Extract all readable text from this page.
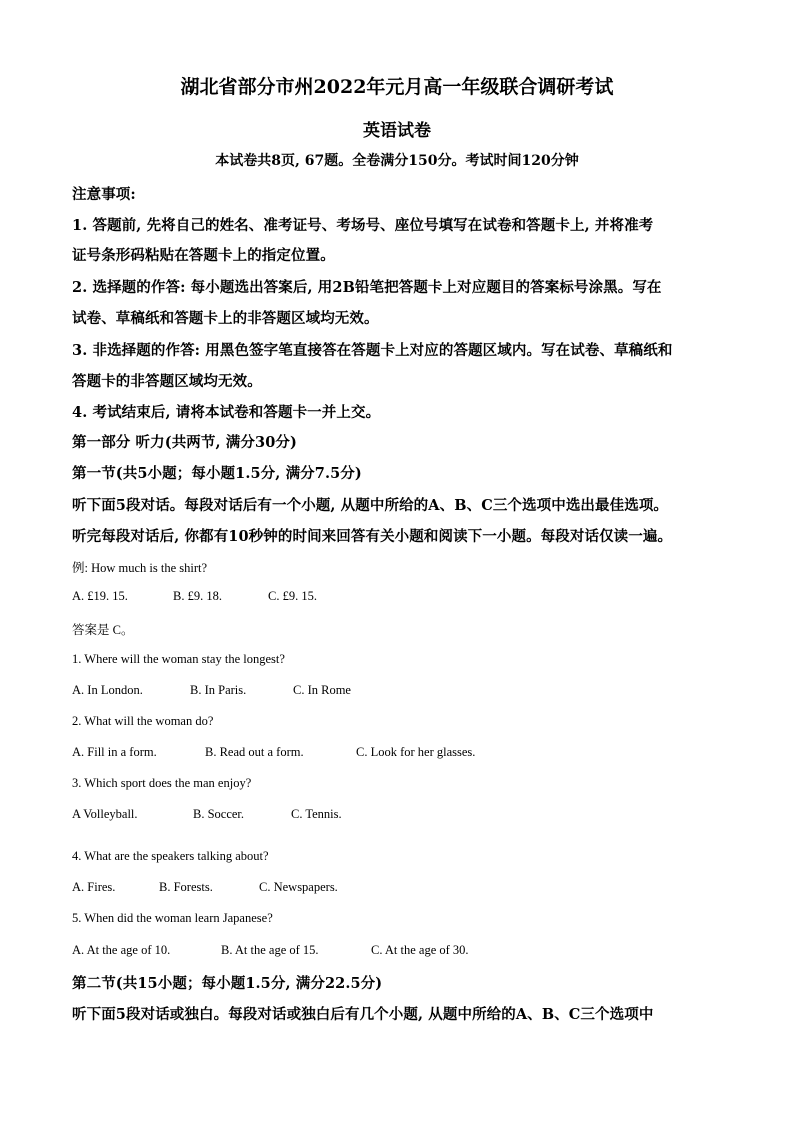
湖北省部分市州2022年元月高一年级联合调研考试
英语试卷
本试卷共8页, 67题。全卷满分150分。考试时间120分钟
注意事项:
1. 答题前, 先将自己的姓名、准考证号、考场号、座位号填写在试卷和答题卡上, 并将准考
证号条形码粘贴在答题卡上的指定位置。
2. 选择题的作答: 每小题选出答案后, 用2B铅笔把答题卡上对应题目的答案标号涂黑。写在
试卷、草稿纸和答题卡上的非答题区域均无效。
3. 非选择题的作答: 用黑色签字笔直接答在答题卡上对应的答题区域内。写在试卷、草稿纸和
答题卡的非答题区域均无效。
4. 考试结束后, 请将本试卷和答题卡一并上交。
第一部分 听力(共两节, 满分30分)
第一节(共5小题；每小题1.5分, 满分7.5分)
听下面5段对话。每段对话后有一个小题, 从题中所给的A、B、C三个选项中选出最佳选项。
听完每段对话后, 你都有10秒钟的时间来回答有关小题和阅读下一小题。每段对话仅读一遍。
例: How much is the shirt?
A. £19. 15.	B. £9. 18.	C. £9. 15.
答案是 C。
1. Where will the woman stay the longest?
A. In London.	B. In Paris.	C. In Rome
2. What will the woman do?
A. Fill in a form.	B. Read out a form.	C. Look for her glasses.
3. Which sport does the man enjoy?
A Volleyball.	B. Soccer.	C. Tennis.
4. What are the speakers talking about?
A. Fires.	B. Forests.	C. Newspapers.
5. When did the woman learn Japanese?
A. At the age of 10.	B. At the age of 15.	C. At the age of 30.
第二节(共15小题；每小题1.5分, 满分22.5分)
听下面5段对话或独白。每段对话或独白后有几个小题, 从题中所给的A、B、C三个选项中
